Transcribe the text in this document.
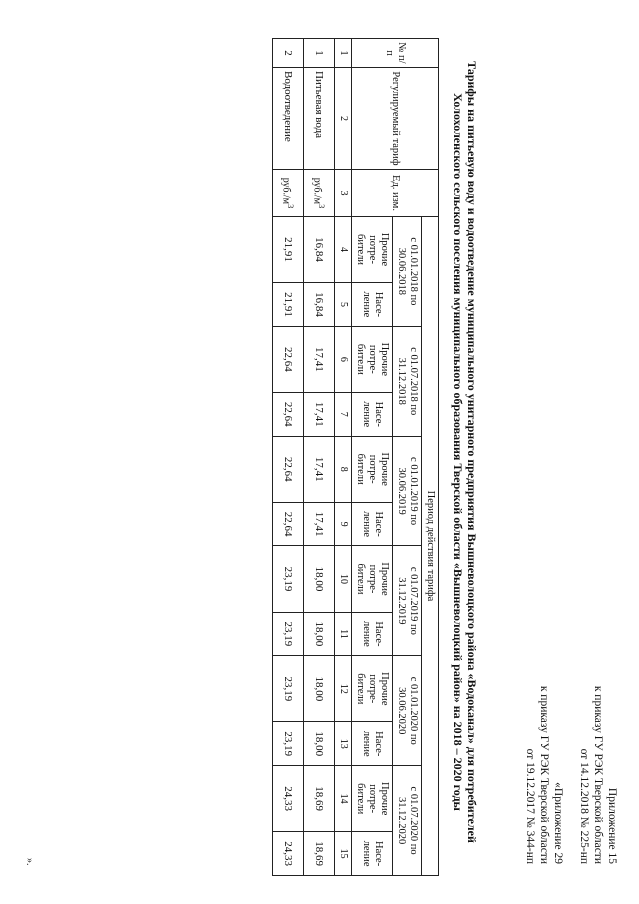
Приложение 15
к приказу ГУ РЭК Тверской области
от 14.12.2018 № 225-нп
«Приложение 29
к приказу ГУ РЭК Тверской области
от 19.12.2017 № 344-нп
Тарифы на питьевую воду и водоотведение муниципального унитарного предприятия Вышневолоцкого района «Водоканал» для потребителей
Холохоленского сельского поселения муниципального образования Тверской области «Вышневолоцкий район» на 2018 – 2020 годы
№ п/п	Регулируемый тариф	Ед. изм.	Период действия тарифа											
			с 01.01.2018 по 30.06.2018		с 01.07.2018 по 31.12.2018		с 01.01.2019 по 30.06.2019		с 01.07.2019 по 31.12.2019		с 01.01.2020 по 30.06.2020		с 01.07.2020 по 31.12.2020	
			Прочие потре- бители	Насе- ление	Прочие потре- бители	Насе- ление	Прочие потре- бители	Насе- ление	Прочие потре- бители	Насе- ление	Прочие потре- бители	Насе- ление	Прочие потре- бители	Насе- ление
1	2	3	4	5	6	7	8	9	10	11	12	13	14	15
1	Питьевая вода	$руб./м^3$	16,84	16,84	17,41	17,41	17,41	17,41	18,00	18,00	18,00	18,00	18,69	18,69
2	Водоотведение	$руб./м^3$	21,91	21,91	22,64	22,64	22,64	22,64	23,19	23,19	23,19	23,19	24,33	24,33
».
